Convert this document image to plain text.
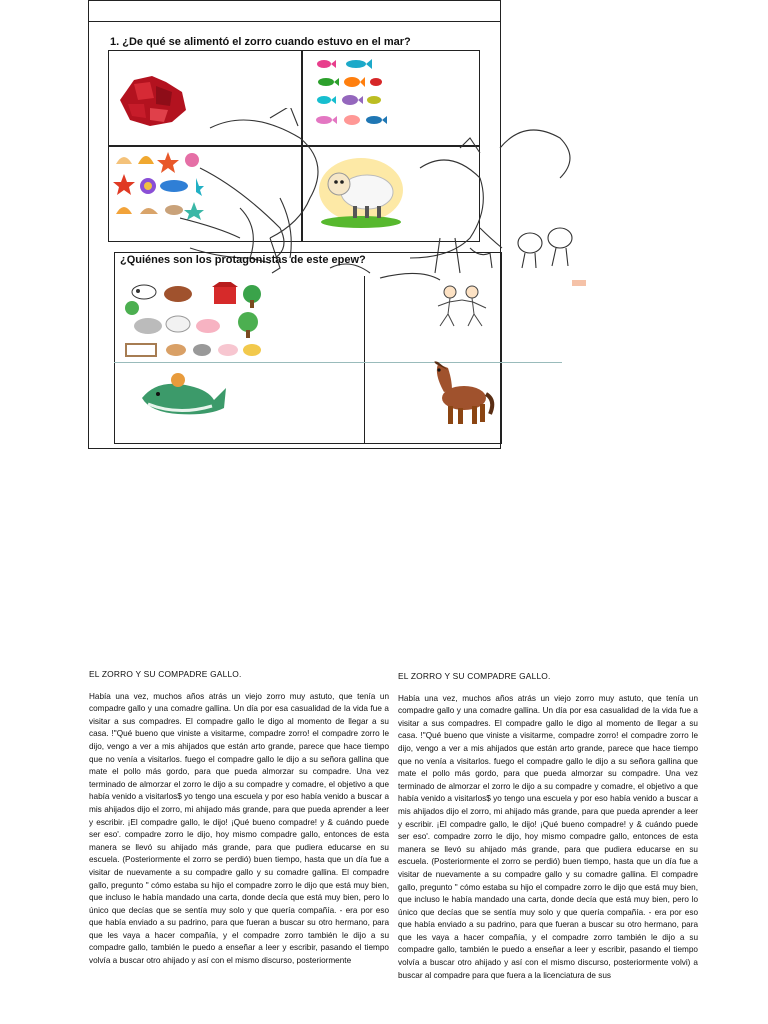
1. ¿De qué se alimentó el zorro cuando estuvo en el mar?
¿Quiénes son los protagonistas de este epew?
EL ZORRO Y SU COMPADRE GALLO.

Había una vez, muchos años atrás un viejo zorro muy astuto, que tenía un compadre gallo y una comadre gallina. Un día por esa casualidad de la vida fue a visitar a sus compadres. El compadre gallo le digo al momento de llegar a su casa. !"Qué bueno que viniste a visitarme, compadre zorro! el compadre zorro le dijo, vengo a ver a mis ahijados que están arto grande, parece que hace tiempo que no venía a visitarlos. fuego el compadre gallo le dijo a su señora gallina que mate el pollo más gordo, para que pueda almorzar su compadre. Una vez terminado de almorzar el zorro le dijo a su compadre y comadre, el objetivo a que había venido a visitarlos$ yo tengo una escuela y por eso había venido a buscar a mis ahijados dijo el zorro, mi ahijado más grande, para que pueda aprender a leer y escribir. ¡El compadre gallo, le dijo! ¡Qué bueno compadre! y & cuándo puede ser eso'. compadre zorro le dijo, hoy mismo compadre gallo, entonces de esta manera se llevó su ahijado más grande, para que pudiera educarse en su escuela. (Posteriormente el zorro se perdió) buen tiempo, hasta que un día fue a visitar de nuevamente a su compadre gallo y su comadre gallina. El compadre gallo, pregunto " cómo estaba su hijo el compadre zorro le dijo que está muy bien, que incluso le había mandado una carta, donde decía que está muy bien, pero lo único que decías que se sentía muy solo y que quería compañía. - era por eso que había enviado a su padrino, para que fueran a buscar su otro hermano, para que les vaya a hacer compañía, y el compadre zorro también le dijo a su compadre gallo, también le puedo a enseñar a leer y escribir, pasando el tiempo volvía a buscar otro ahijado y así con el mismo discurso, posteriormente

EL ZORRO Y SU COMPADRE GALLO.

Había una vez, muchos años atrás un viejo zorro muy astuto, que tenía un compadre gallo y una comadre gallina. Un día por esa casualidad de la vida fue a visitar a sus compadres. El compadre gallo le digo al momento de llegar a su casa. !"Qué bueno que viniste a visitarme, compadre zorro! el compadre zorro le dijo, vengo a ver a mis ahijados que están arto grande, parece que hace tiempo que no venía a visitarlos. fuego el compadre gallo le dijo a su señora gallina que mate el pollo más gordo, para que pueda almorzar su compadre. Una vez terminado de almorzar el zorro le dijo a su compadre y comadre, el objetivo a que había venido a visitarlos$ yo tengo una escuela y por eso había venido a buscar a mis ahijados dijo el zorro, mi ahijado más grande, para que pueda aprender a leer y escribir. ¡El compadre gallo, le dijo! ¡Qué bueno compadre! y & cuándo puede ser eso'. compadre zorro le dijo, hoy mismo compadre gallo, entonces de esta manera se llevó su ahijado más grande, para que pudiera educarse en su escuela. (Posteriormente el zorro se perdió) buen tiempo, hasta que un día fue a visitar de nuevamente a su compadre gallo y su comadre gallina. El compadre gallo, pregunto " cómo estaba su hijo el compadre zorro le dijo que está muy bien, que incluso le había mandado una carta, donde decía que está muy bien, pero lo único que decías que se sentía muy solo y que quería compañía. - era por eso que había enviado a su padrino, para que fueran a buscar su otro hermano, para que les vaya a hacer compañía, y el compadre zorro también le dijo a su compadre gallo, también le puedo a enseñar a leer y escribir, pasando el tiempo volvía a buscar otro ahijado y así con el mismo discurso, posteriormente volvi) a buscar al compadre para que fuera a la licenciatura de sus
